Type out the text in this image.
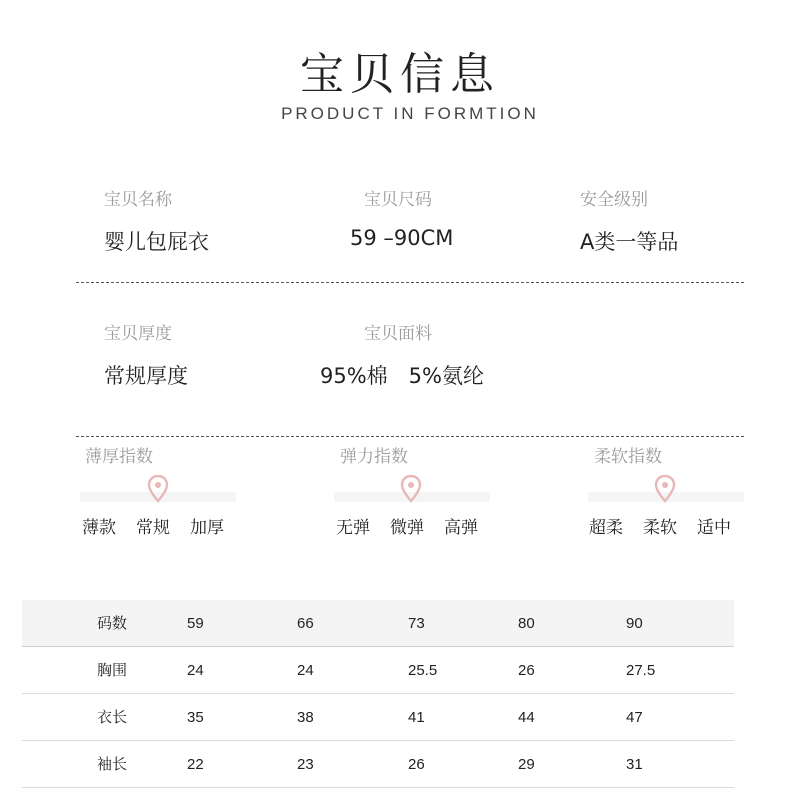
宝贝信息
PRODUCT IN FORMTION
宝贝名称
婴儿包屁衣
宝贝尺码
59 –90CM
安全级别
A类一等品
宝贝厚度
常规厚度
宝贝面料
95%棉　5%氨纶
薄厚指数
薄款 常规 加厚
弹力指数
无弹 微弹 高弹
柔软指数
超柔 柔软 适中
码数	59	66	73	80	90
胸围	24	24	25.5	26	27.5
衣长	35	38	41	44	47
袖长	22	23	26	29	31
